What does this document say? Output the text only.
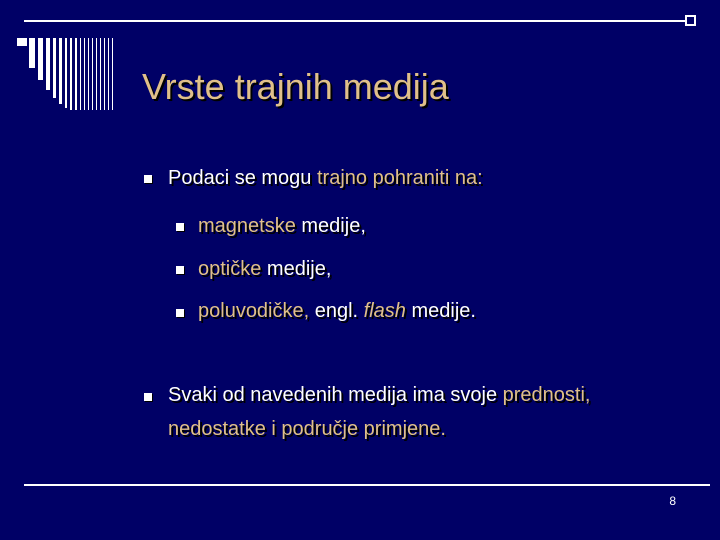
Vrste trajnih medija
Podaci se mogu trajno pohraniti na:
magnetske medije,
optičke medije,
poluvodičke, engl. flash medije.
Svaki od navedenih medija ima svoje prednosti,
nedostatke i područje primjene.
8
